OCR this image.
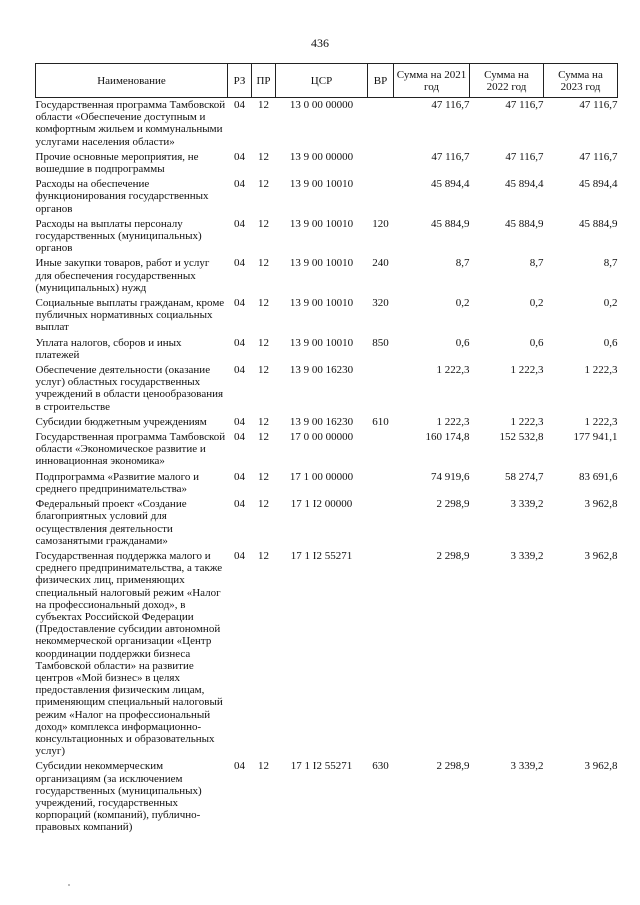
436
Наименование	РЗ	ПР	ЦСР	ВР	Сумма на 2021 год	Сумма на 2022 год	Сумма на 2023 год
Государственная программа Тамбовской области «Обеспечение доступным и комфортным жильем и коммунальными услугами населения области»	04	12	13 0 00 00000		47 116,7	47 116,7	47 116,7
Прочие основные мероприятия, не вошедшие в подпрограммы	04	12	13 9 00 00000		47 116,7	47 116,7	47 116,7
Расходы на обеспечение функционирования государственных органов	04	12	13 9 00 10010		45 894,4	45 894,4	45 894,4
Расходы на выплаты персоналу государственных (муниципальных) органов	04	12	13 9 00 10010	120	45 884,9	45 884,9	45 884,9
Иные закупки товаров, работ и услуг для обеспечения государственных (муниципальных) нужд	04	12	13 9 00 10010	240	8,7	8,7	8,7
Социальные выплаты гражданам, кроме публичных нормативных социальных выплат	04	12	13 9 00 10010	320	0,2	0,2	0,2
Уплата налогов, сборов и иных платежей	04	12	13 9 00 10010	850	0,6	0,6	0,6
Обеспечение деятельности (оказание услуг) областных государственных учреждений в области ценообразования в строительстве	04	12	13 9 00 16230		1 222,3	1 222,3	1 222,3
Субсидии бюджетным учреждениям	04	12	13 9 00 16230	610	1 222,3	1 222,3	1 222,3
Государственная программа Тамбовской области «Экономическое развитие и инновационная экономика»	04	12	17 0 00 00000		160 174,8	152 532,8	177 941,1
Подпрограмма «Развитие малого и среднего предпринимательства»	04	12	17 1 00 00000		74 919,6	58 274,7	83 691,6
Федеральный проект «Создание благоприятных условий для осуществления деятельности самозанятыми гражданами»	04	12	17 1 I2 00000		2 298,9	3 339,2	3 962,8
Государственная поддержка малого и среднего предпринимательства, а также физических лиц, применяющих специальный налоговый режим «Налог на профессиональный доход», в субъектах Российской Федерации (Предоставление субсидии автономной некоммерческой организации «Центр координации поддержки бизнеса Тамбовской области» на развитие центров «Мой бизнес» в целях предоставления физическим лицам, применяющим специальный налоговый режим «Налог на профессиональный доход» комплекса информационно-консультационных и образовательных услуг)	04	12	17 1 I2 55271		2 298,9	3 339,2	3 962,8
Субсидии некоммерческим организациям (за исключением государственных (муниципальных) учреждений, государственных корпораций (компаний), публично-правовых компаний)	04	12	17 1 I2 55271	630	2 298,9	3 339,2	3 962,8
